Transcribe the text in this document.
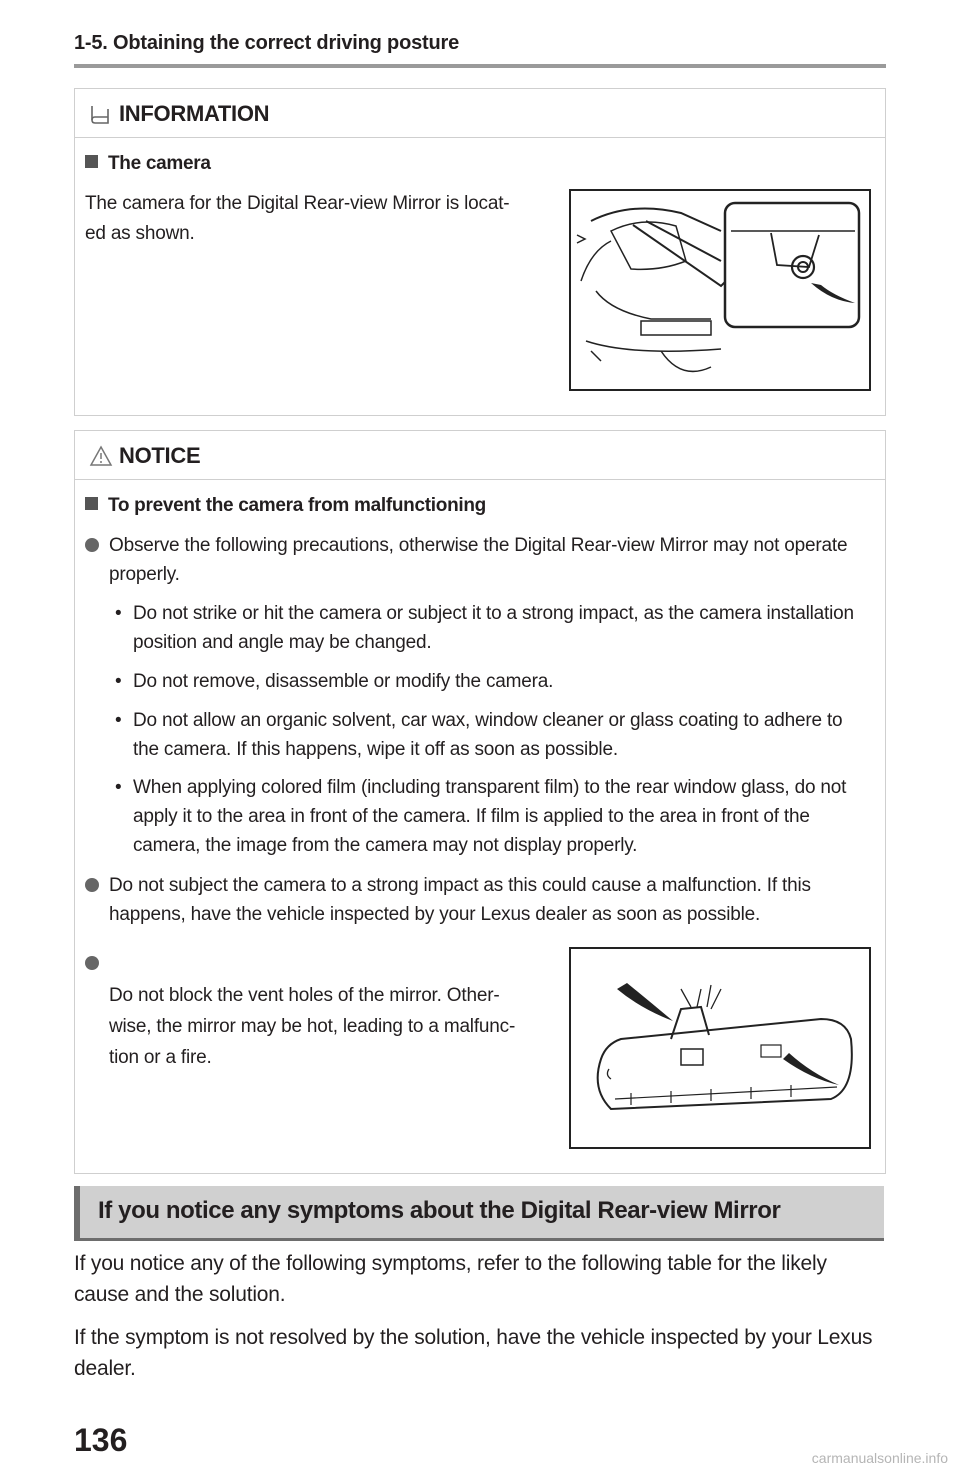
1-5. Obtaining the correct driving posture
INFORMATION
The camera
The camera for the Digital Rear-view Mirror is locat-
ed as shown.
NOTICE
To prevent the camera from malfunctioning
Observe the following precautions, otherwise the Digital Rear-view Mirror may not operate properly.
• Do not strike or hit the camera or subject it to a strong impact, as the camera installation position and angle may be changed.
• Do not remove, disassemble or modify the camera.
• Do not allow an organic solvent, car wax, window cleaner or glass coating to adhere to the camera. If this happens, wipe it off as soon as possible.
• When applying colored film (including transparent film) to the rear window glass, do not apply it to the area in front of the camera. If film is applied to the area in front of the camera, the image from the camera may not display properly.
Do not subject the camera to a strong impact as this could cause a malfunction. If this happens, have the vehicle inspected by your Lexus dealer as soon as possible.

Do not block the vent holes of the mirror. Other-
wise, the mirror may be hot, leading to a malfunc-
tion or a fire.

If you notice any symptoms about the Digital Rear-view Mirror
If you notice any of the following symptoms, refer to the following table for the likely cause and the solution.
If the symptom is not resolved by the solution, have the vehicle inspected by your Lexus dealer.
136	carmanualsonline.info
